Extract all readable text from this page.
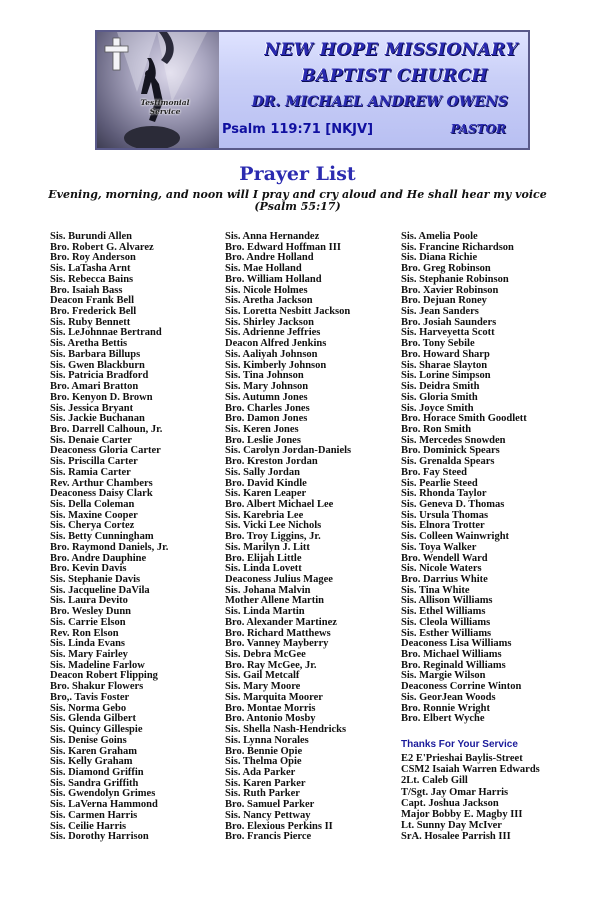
Testimonial Service
NEW HOPE MISSIONARY
BAPTIST CHURCH
DR. MICHAEL ANDREW OWENS
Psalm 119:71 [NKJV]	PASTOR
Prayer List
Evening, morning, and noon will I pray and cry aloud and He shall hear my voice
(Psalm 55:17)
Sis. Burundi Allen
Bro. Robert G. Alvarez
Bro. Roy Anderson
Sis. LaTasha Arnt
Sis. Rebecca Bains
Bro. Isaiah Bass
Deacon Frank Bell
Bro. Frederick Bell
Sis. Ruby Bennett
Sis. LeJohnnae Bertrand
Sis. Aretha Bettis
Sis. Barbara Billups
Sis. Gwen Blackburn
Sis. Patricia Bradford
Bro. Amari Bratton
Bro. Kenyon D. Brown
Sis. Jessica Bryant
Sis. Jackie Buchanan
Bro. Darrell Calhoun, Jr.
Sis. Denaie Carter
Deaconess Gloria Carter
Sis. Priscilla Carter
Sis. Ramia Carter
Rev. Arthur Chambers
Deaconess Daisy Clark
Sis. Della Coleman
Sis. Maxine Cooper
Sis. Cherya Cortez
Sis. Betty Cunningham
Bro. Raymond Daniels, Jr.
Bro. Andre Dauphine
Bro. Kevin Davis
Sis. Stephanie Davis
Sis. Jacqueline DaVila
Sis. Laura Devito
Bro. Wesley Dunn
Sis. Carrie Elson
Rev. Ron Elson
Sis. Linda Evans
Sis. Mary Fairley
Sis. Madeline Farlow
Deacon Robert Flipping
Bro. Shakur Flowers
Bro,. Tavis Foster
Sis. Norma Gebo
Sis. Glenda Gilbert
Sis. Quincy Gillespie
Sis. Denise Goins
Sis. Karen Graham
Sis. Kelly Graham
Sis. Diamond Griffin
Sis. Sandra Griffith
Sis. Gwendolyn Grimes
Sis. LaVerna Hammond
Sis. Carmen Harris
Sis. Ceilie Harris
Sis. Dorothy Harrison
Sis. Anna Hernandez
Bro. Edward Hoffman III
Bro. Andre Holland
Sis. Mae Holland
Bro. William Holland
Sis. Nicole Holmes
Sis. Aretha Jackson
Sis. Loretta Nesbitt Jackson
Sis. Shirley Jackson
Sis. Adrienne Jeffries
Deacon Alfred Jenkins
Sis. Aaliyah Johnson
Sis. Kimberly Johnson
Sis. Tina Johnson
Sis. Mary Johnson
Sis. Autumn Jones
Bro. Charles Jones
Bro. Damon Jones
Sis. Keren Jones
Bro. Leslie Jones
Sis. Carolyn Jordan-Daniels
Bro. Kreston Jordan
Sis. Sally Jordan
Bro. David Kindle
Sis. Karen Leaper
Bro. Albert Michael Lee
Sis. Karebria Lee
Sis. Vicki Lee Nichols
Bro. Troy Liggins, Jr.
Sis. Marilyn J. Litt
Bro. Elijah Little
Sis. Linda Lovett
Deaconess Julius Magee
Sis. Johana Malvin
Mother Allene Martin
Sis. Linda Martin
Bro. Alexander Martinez
Bro. Richard Matthews
Bro. Vanney Mayberry
Sis. Debra McGee
Bro. Ray McGee, Jr.
Sis. Gail Metcalf
Sis. Mary Moore
Sis. Marquita Moorer
Bro. Montae Morris
Bro. Antonio Mosby
Sis. Shella Nash-Hendricks
Sis. Lynna Norales
Bro. Bennie Opie
Sis. Thelma Opie
Sis. Ada Parker
Sis. Karen Parker
Sis. Ruth Parker
Bro. Samuel Parker
Sis. Nancy Pettway
Bro. Elexious Perkins II
Bro. Francis Pierce
Sis. Amelia Poole
Sis. Francine Richardson
Sis. Diana Richie
Bro. Greg Robinson
Sis. Stephanie Robinson
Bro. Xavier Robinson
Bro. Dejuan Roney
Sis. Jean Sanders
Bro. Josiah Saunders
Sis. Harveyetta Scott
Bro. Tony Sebile
Bro. Howard Sharp
Sis. Sharae Slayton
Sis. Lorine Simpson
Sis. Deidra Smith
Sis. Gloria Smith
Sis. Joyce Smith
Bro. Horace Smith Goodlett
Bro. Ron Smith
Sis. Mercedes Snowden
Bro. Dominick Spears
Sis. Grenalda Spears
Bro. Fay Steed
Sis. Pearlie Steed
Sis. Rhonda Taylor
Sis. Geneva D. Thomas
Sis. Ursula Thomas
Sis. Elnora Trotter
Sis. Colleen Wainwright
Sis. Toya Walker
Bro. Wendell Ward
Sis. Nicole Waters
Bro. Darrius White
Sis. Tina White
Sis. Allison Williams
Sis. Ethel Williams
Sis. Cleola Williams
Sis. Esther Williams
Deaconess Lisa Williams
Bro. Michael Williams
Bro. Reginald Williams
Sis. Margie Wilson
Deaconess Corrine Winton
Sis. GeorJean Woods
Bro. Ronnie Wright
Bro. Elbert Wyche
Thanks For Your Service
E2 E'Prieshai Baylis-Street
CSM2 Isaiah Warren Edwards
2Lt. Caleb Gill
T/Sgt. Jay Omar Harris
Capt. Joshua Jackson
Major Bobby E. Magby III
Lt. Sunny Day McIver
SrA. Hosalee Parrish III
